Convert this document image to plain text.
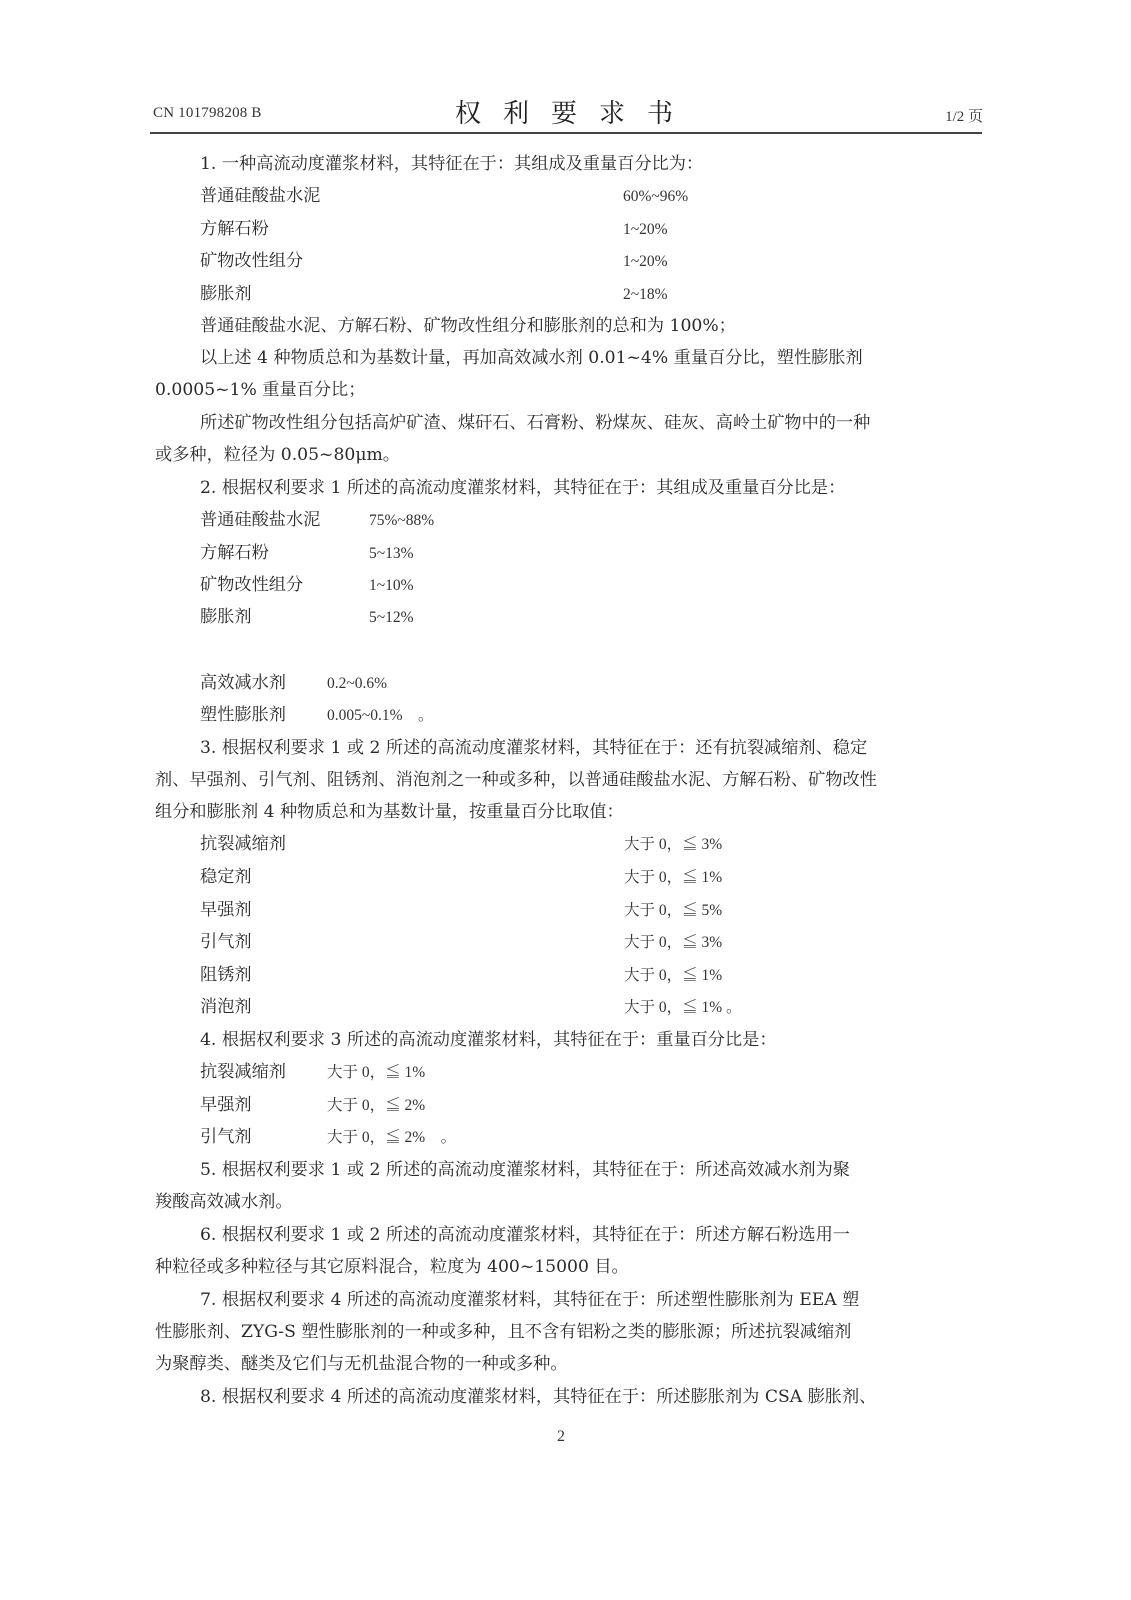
CN 101798208 B	权利要求书	1/2 页
1. 一种高流动度灌浆材料，其特征在于：其组成及重量百分比为：
普通硅酸盐水泥	60%~96%
方解石粉	1~20%
矿物改性组分	1~20%
膨胀剂	2~18%
普通硅酸盐水泥、方解石粉、矿物改性组分和膨胀剂的总和为 100%；
以上述 4 种物质总和为基数计量，再加高效减水剂 0.01~4% 重量百分比，塑性膨胀剂
0.0005~1% 重量百分比；
所述矿物改性组分包括高炉矿渣、煤矸石、石膏粉、粉煤灰、硅灰、高岭土矿物中的一种
或多种，粒径为 0.05~80μm。
2. 根据权利要求 1 所述的高流动度灌浆材料，其特征在于：其组成及重量百分比是：
普通硅酸盐水泥	75%~88%
方解石粉	5~13%
矿物改性组分	1~10%
膨胀剂	5~12%
高效减水剂	0.2~0.6%
塑性膨胀剂	0.005~0.1%　。
3. 根据权利要求 1 或 2 所述的高流动度灌浆材料，其特征在于：还有抗裂减缩剂、稳定
剂、早强剂、引气剂、阻锈剂、消泡剂之一种或多种，以普通硅酸盐水泥、方解石粉、矿物改性
组分和膨胀剂 4 种物质总和为基数计量，按重量百分比取值：
抗裂减缩剂	大于 0，≦ 3%
稳定剂	大于 0，≦ 1%
早强剂	大于 0，≦ 5%
引气剂	大于 0，≦ 3%
阻锈剂	大于 0，≦ 1%
消泡剂	大于 0，≦ 1% 。
4. 根据权利要求 3 所述的高流动度灌浆材料，其特征在于：重量百分比是：
抗裂减缩剂	大于 0，≦ 1%
早强剂	大于 0，≦ 2%
引气剂	大于 0，≦ 2%　。
5. 根据权利要求 1 或 2 所述的高流动度灌浆材料，其特征在于：所述高效减水剂为聚
羧酸高效减水剂。
6. 根据权利要求 1 或 2 所述的高流动度灌浆材料，其特征在于：所述方解石粉选用一
种粒径或多种粒径与其它原料混合，粒度为 400~15000 目。
7. 根据权利要求 4 所述的高流动度灌浆材料，其特征在于：所述塑性膨胀剂为 EEA 塑
性膨胀剂、ZYG-S 塑性膨胀剂的一种或多种，且不含有铝粉之类的膨胀源；所述抗裂减缩剂
为聚醇类、醚类及它们与无机盐混合物的一种或多种。
8. 根据权利要求 4 所述的高流动度灌浆材料，其特征在于：所述膨胀剂为 CSA 膨胀剂、
2
